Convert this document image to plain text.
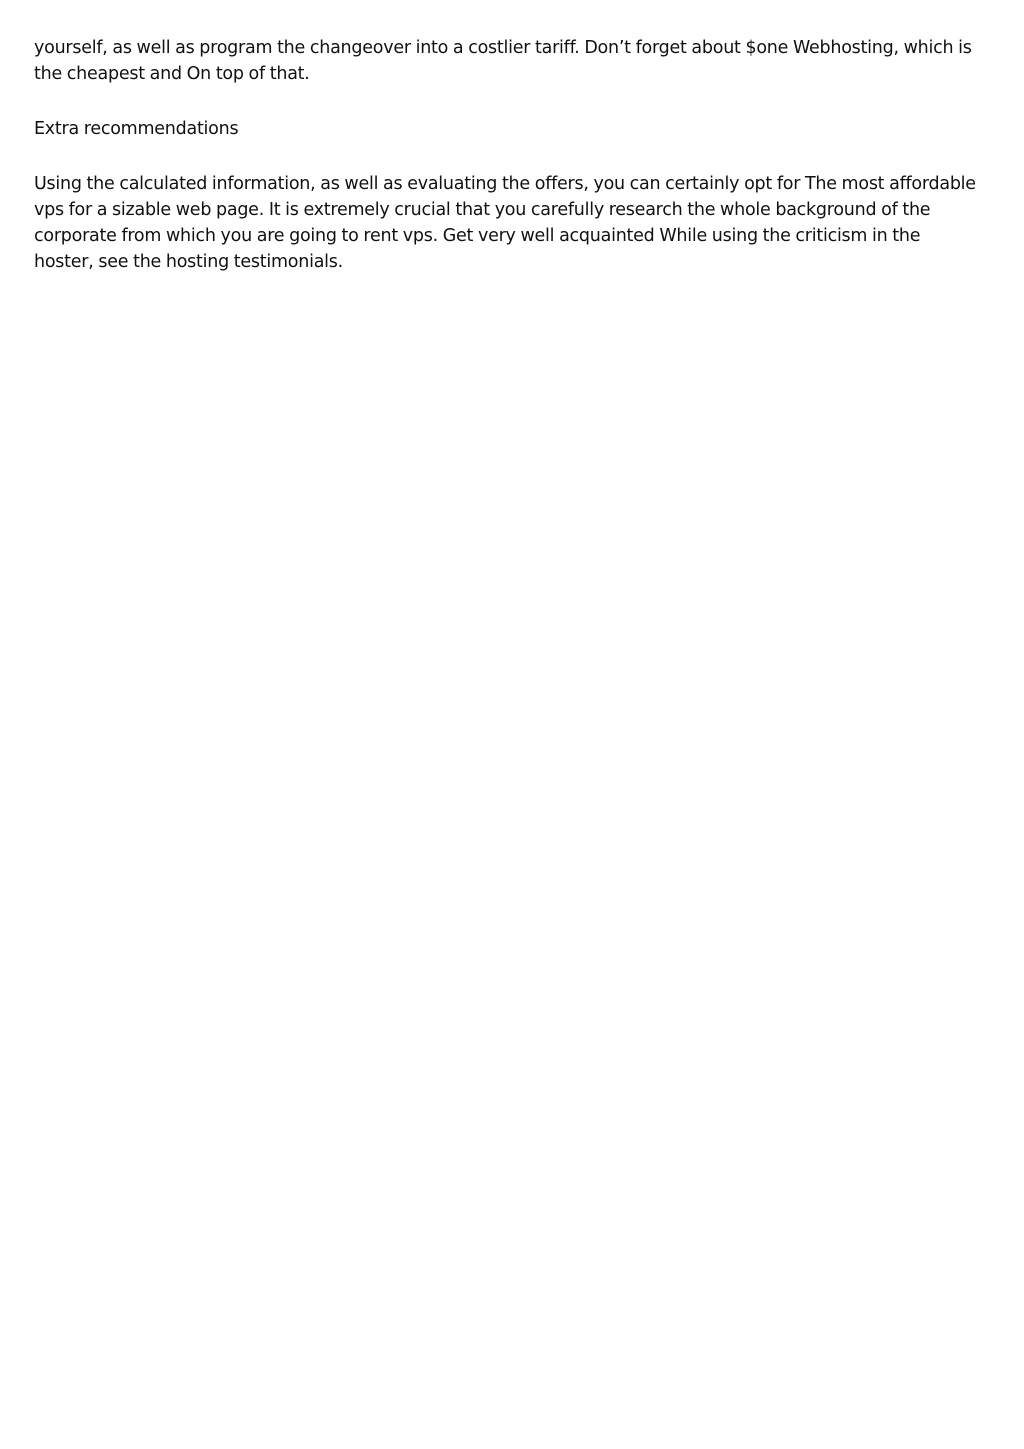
yourself, as well as program the changeover into a costlier tariff. Don’t forget about $one Webhosting, which is the cheapest and On top of that.

Extra recommendations

Using the calculated information, as well as evaluating the offers, you can certainly opt for The most affordable vps for a sizable web page. It is extremely crucial that you carefully research the whole background of the corporate from which you are going to rent vps. Get very well acquainted While using the criticism in the hoster, see the hosting testimonials.
